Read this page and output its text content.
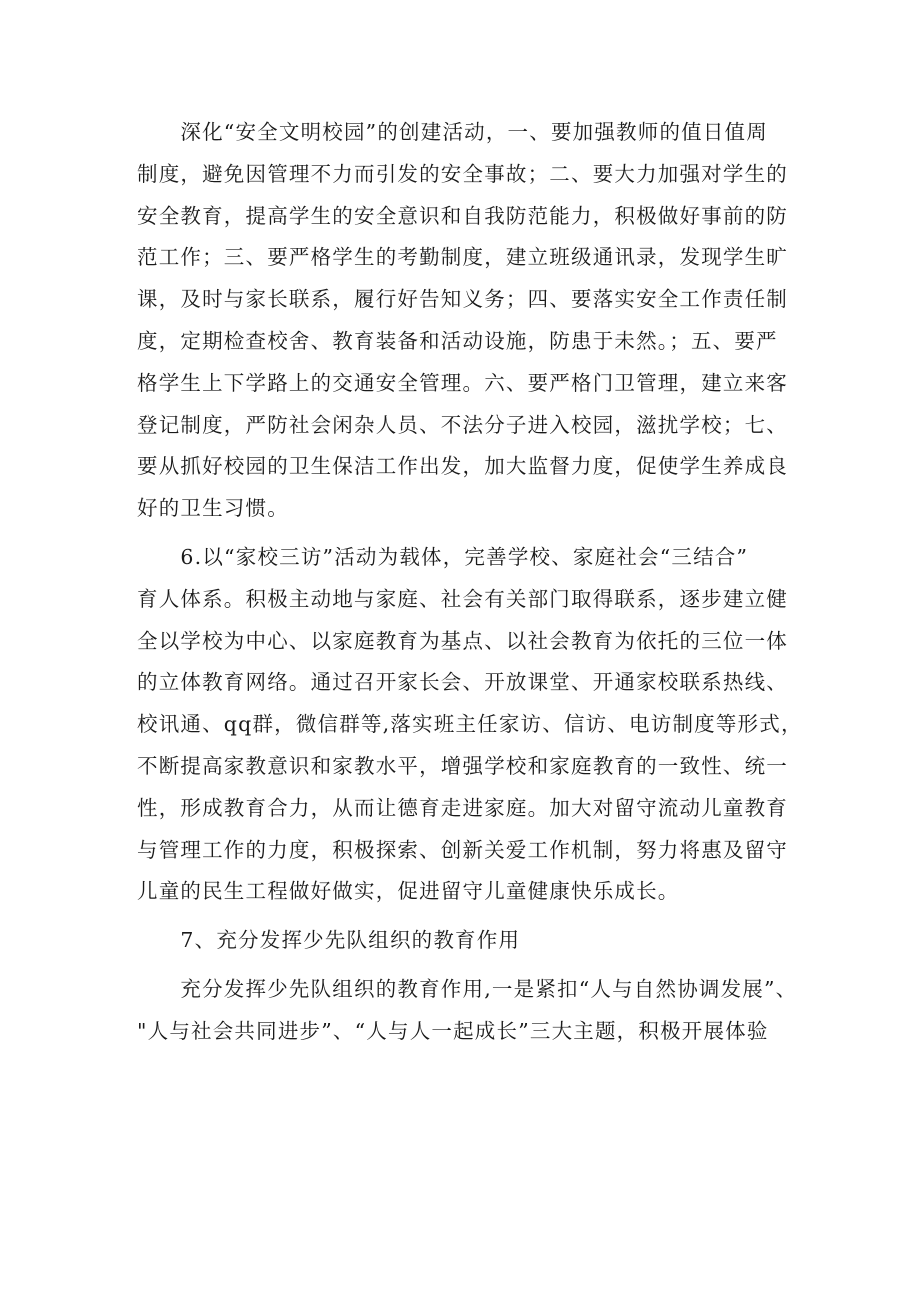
　　深化“安全文明校园”的创建活动，一、要加强教师的值日值周
制度，避免因管理不力而引发的安全事故；二、要大力加强对学生的
安全教育，提高学生的安全意识和自我防范能力，积极做好事前的防
范工作；三、要严格学生的考勤制度，建立班级通讯录，发现学生旷
课，及时与家长联系，履行好告知义务；四、要落实安全工作责任制
度，定期检查校舍、教育装备和活动设施，防患于未然。；五、要严
格学生上下学路上的交通安全管理。六、要严格门卫管理，建立来客
登记制度，严防社会闲杂人员、不法分子进入校园，滋扰学校；七、
要从抓好校园的卫生保洁工作出发，加大监督力度，促使学生养成良
好的卫生习惯。
　　6.以“家校三访”活动为载体，完善学校、家庭社会“三结合”
育人体系。积极主动地与家庭、社会有关部门取得联系，逐步建立健
全以学校为中心、以家庭教育为基点、以社会教育为依托的三位一体
的立体教育网络。通过召开家长会、开放课堂、开通家校联系热线、
校讯通、qq群，微信群等,落实班主任家访、信访、电访制度等形式，
不断提高家教意识和家教水平，增强学校和家庭教育的一致性、统一
性，形成教育合力，从而让德育走进家庭。加大对留守流动儿童教育
与管理工作的力度，积极探索、创新关爱工作机制，努力将惠及留守
儿童的民生工程做好做实，促进留守儿童健康快乐成长。
　　7、充分发挥少先队组织的教育作用
　　充分发挥少先队组织的教育作用,一是紧扣“人与自然协调发展”、
"人与社会共同进步”、“人与人一起成长”三大主题，积极开展体验
